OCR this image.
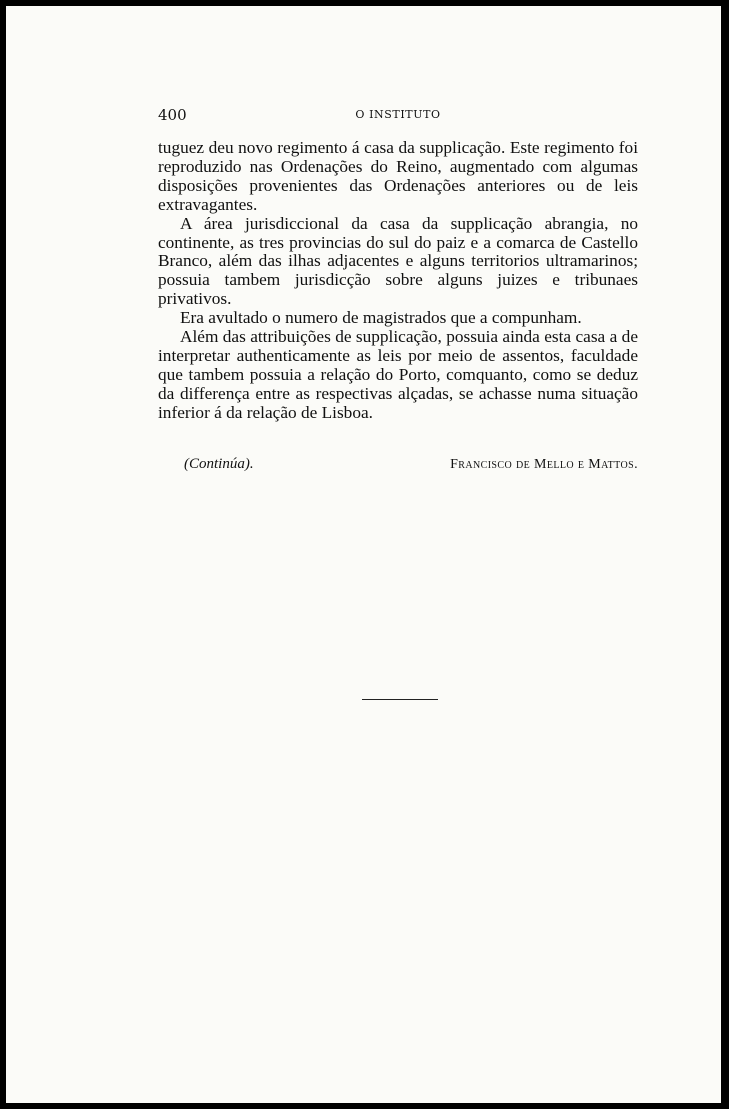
400	O INSTITUTO

tuguez deu novo regimento á casa da supplicação. Este regimento foi reproduzido nas Ordenações do Reino, augmentado com algumas disposições provenientes das Ordenações anteriores ou de leis extravagantes.

A área jurisdiccional da casa da supplicação abrangia, no continente, as tres provincias do sul do paiz e a comarca de Castello Branco, além das ilhas adjacentes e alguns territorios ultramarinos; possuia tambem jurisdicção sobre alguns juizes e tribunaes privativos.

Era avultado o numero de magistrados que a compunham.

Além das attribuições de supplicação, possuia ainda esta casa a de interpretar authenticamente as leis por meio de assentos, faculdade que tambem possuia a relação do Porto, comquanto, como se deduz da differença entre as respectivas alçadas, se achasse numa situação inferior á da relação de Lisboa.

(Continúa).	Francisco de Mello e Mattos.
